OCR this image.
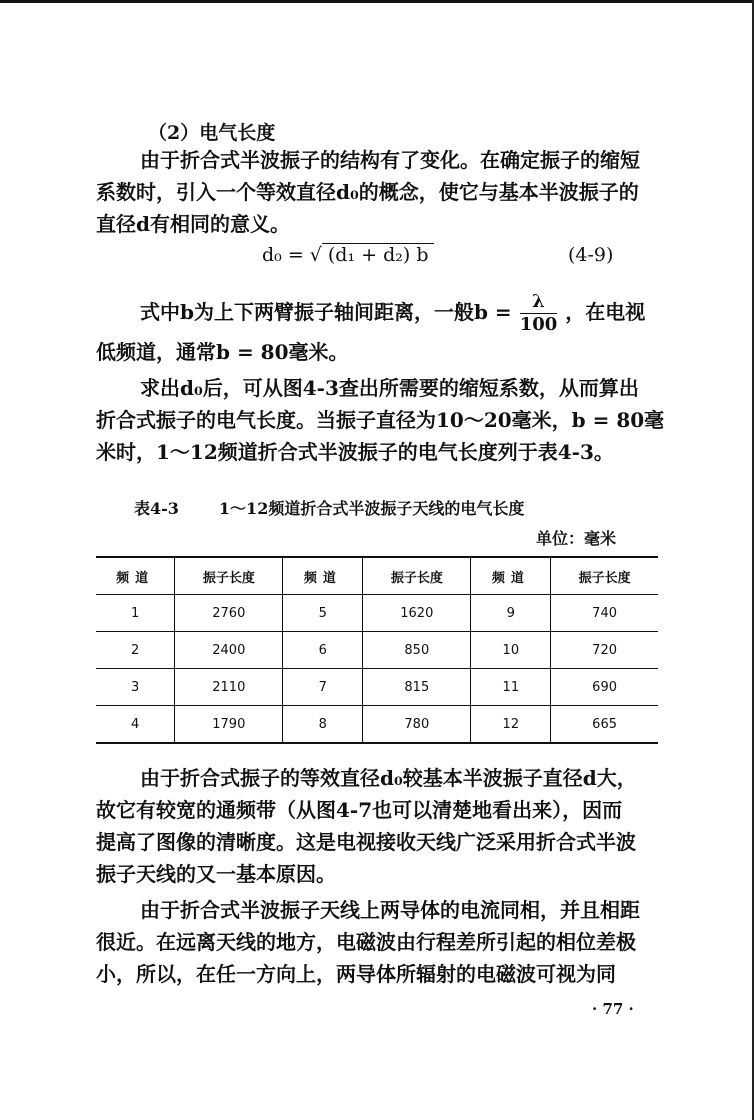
（2）电气长度
由于折合式半波振子的结构有了变化。在确定振子的缩短
系数时，引入一个等效直径d₀的概念，使它与基本半波振子的
直径d有相同的意义。
d₀ = √ (d₁ + d₂) b	(4-9)
式中b为上下两臂振子轴间距离，一般$b = \frac{\lambda}{100}$ ，在电视
低频道，通常b = 80毫米。
求出d₀后，可从图4-3查出所需要的缩短系数，从而算出
折合式振子的电气长度。当振子直径为10～20毫米，b = 80毫
米时，1～12频道折合式半波振子的电气长度列于表4-3。
表4-3	1～12频道折合式半波振子天线的电气长度
单位：毫米
频道	振子长度	频道	振子长度	频道	振子长度
1	2760	5	1620	9	740
2	2400	6	850	10	720
3	2110	7	815	11	690
4	1790	8	780	12	665
由于折合式振子的等效直径d₀较基本半波振子直径d大，
故它有较宽的通频带（从图4-7也可以清楚地看出来），因而
提高了图像的清晰度。这是电视接收天线广泛采用折合式半波
振子天线的又一基本原因。
由于折合式半波振子天线上两导体的电流同相，并且相距
很近。在远离天线的地方，电磁波由行程差所引起的相位差极
小，所以，在任一方向上，两导体所辐射的电磁波可视为同
· 77 ·
